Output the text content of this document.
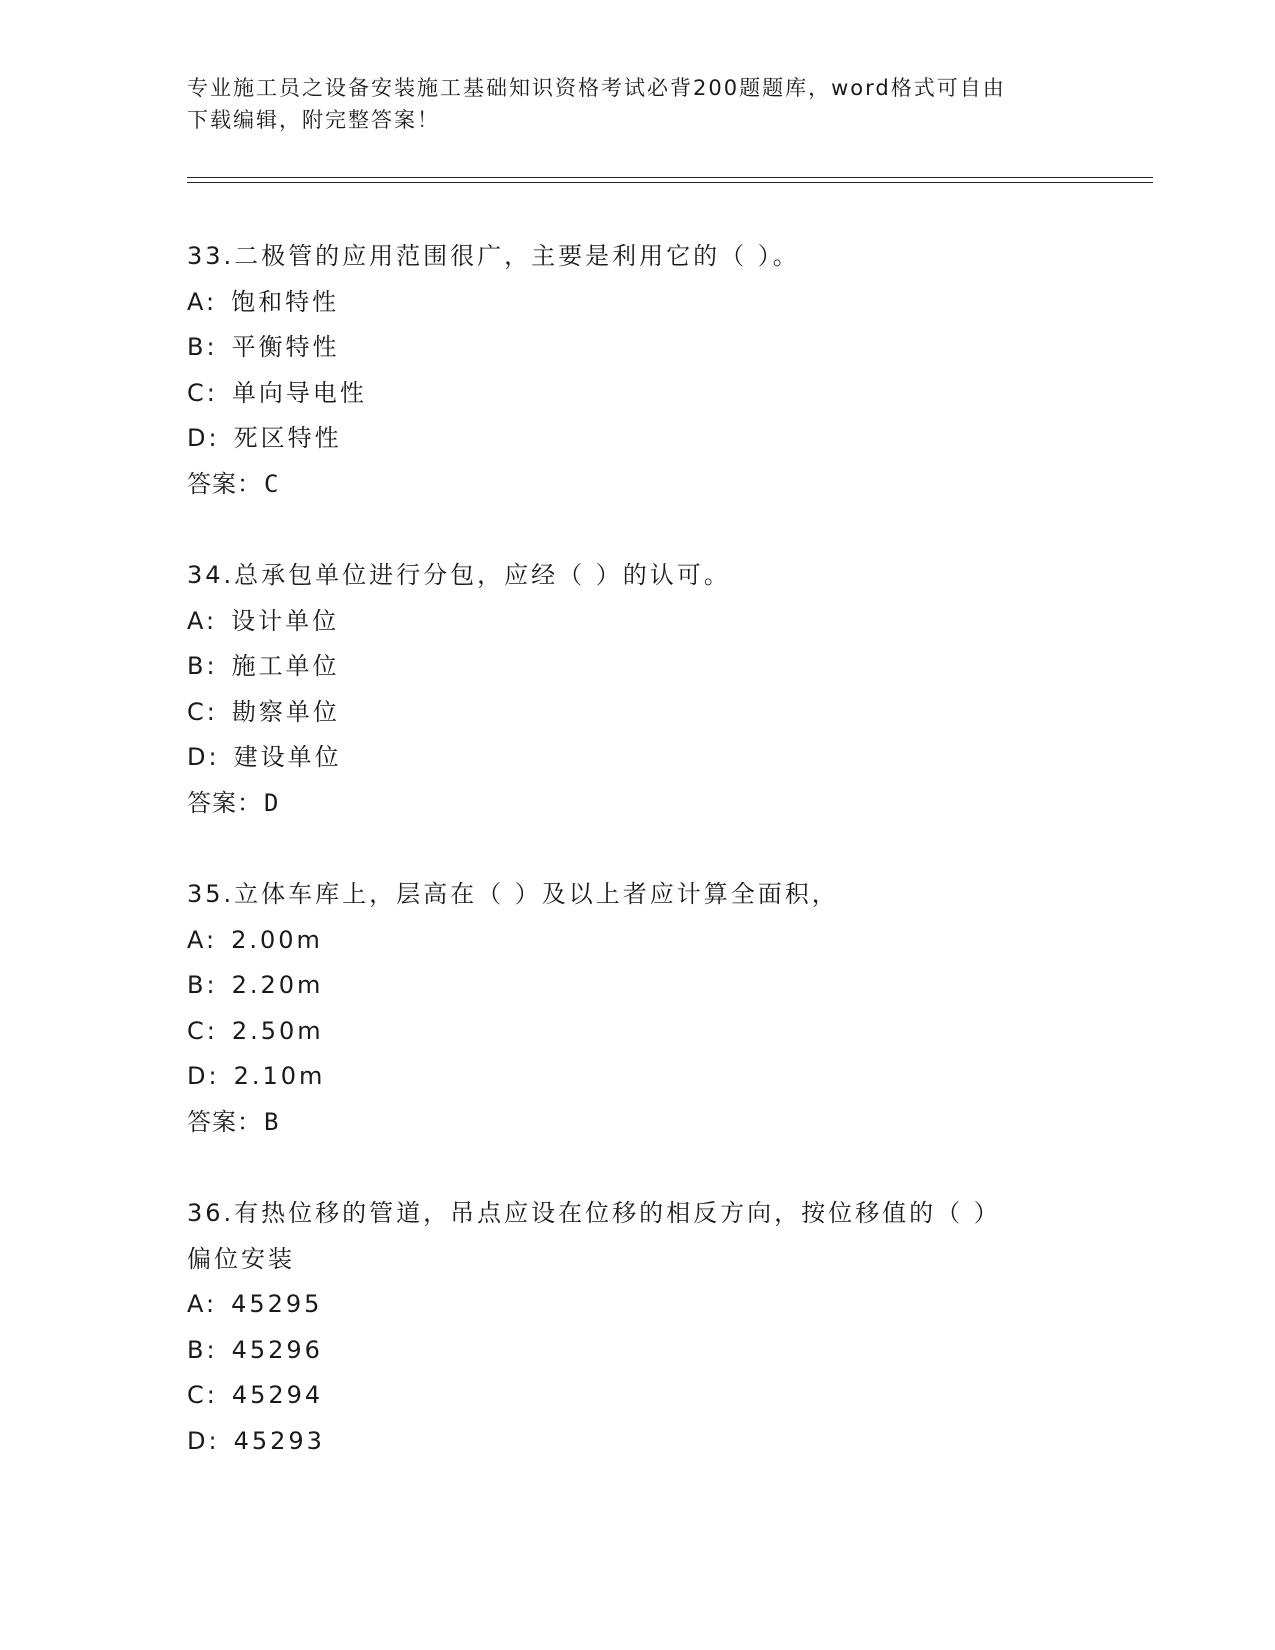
专业施工员之设备安装施工基础知识资格考试必背200题题库，word格式可自由
下载编辑，附完整答案！
33.二极管的应用范围很广，主要是利用它的（ ）。
A: 饱和特性
B: 平衡特性
C: 单向导电性
D: 死区特性
答案：C
34.总承包单位进行分包，应经（ ）的认可。
A: 设计单位
B: 施工单位
C: 勘察单位
D: 建设单位
答案：D
35.立体车库上，层高在（ ）及以上者应计算全面积，
A: 2.00m
B: 2.20m
C: 2.50m
D: 2.10m
答案：B
36.有热位移的管道，吊点应设在位移的相反方向，按位移值的（ ）
偏位安装
A: 45295
B: 45296
C: 45294
D: 45293
